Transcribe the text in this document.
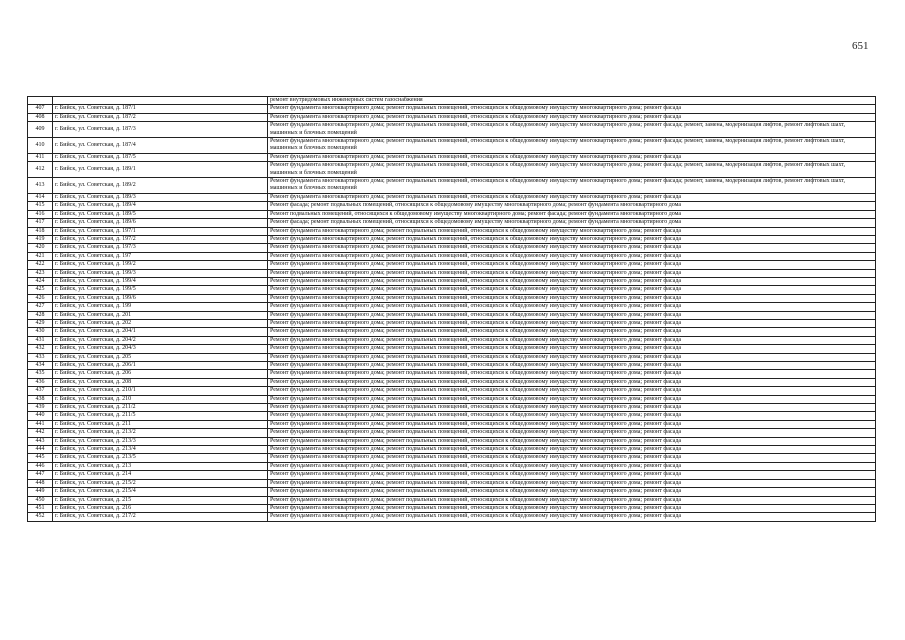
651
		ремонт внутридомовых инженерных систем газоснабжения
407	г. Бийск, ул. Советская, д. 187/1	Ремонт фундамента многоквартирного дома; ремонт подвальных помещений, относящихся к общедомовому имуществу многоквартирного дома; ремонт фасада
408	г. Бийск, ул. Советская, д. 187/2	Ремонт фундамента многоквартирного дома; ремонт подвальных помещений, относящихся к общедомовому имуществу многоквартирного дома; ремонт фасада
409	г. Бийск, ул. Советская, д. 187/3	Ремонт фундамента многоквартирного дома; ремонт подвальных помещений, относящихся к общедомовому имуществу многоквартирного дома; ремонт фасада; ремонт, замена, модернизация лифтов, ремонт лифтовых шахт, машинных и блочных помещений
410	г. Бийск, ул. Советская, д. 187/4	Ремонт фундамента многоквартирного дома; ремонт подвальных помещений, относящихся к общедомовому имуществу многоквартирного дома; ремонт фасада; ремонт, замена, модернизация лифтов, ремонт лифтовых шахт, машинных и блочных помещений
411	г. Бийск, ул. Советская, д. 187/5	Ремонт фундамента многоквартирного дома; ремонт подвальных помещений, относящихся к общедомовому имуществу многоквартирного дома; ремонт фасада
412	г. Бийск, ул. Советская, д. 189/1	Ремонт фундамента многоквартирного дома; ремонт подвальных помещений, относящихся к общедомовому имуществу многоквартирного дома; ремонт фасада; ремонт, замена, модернизация лифтов, ремонт лифтовых шахт, машинных и блочных помещений
413	г. Бийск, ул. Советская, д. 189/2	Ремонт фундамента многоквартирного дома; ремонт подвальных помещений, относящихся к общедомовому имуществу многоквартирного дома; ремонт фасада; ремонт, замена, модернизация лифтов, ремонт лифтовых шахт, машинных и блочных помещений
414	г. Бийск, ул. Советская, д. 189/3	Ремонт фундамента многоквартирного дома; ремонт подвальных помещений, относящихся к общедомовому имуществу многоквартирного дома; ремонт фасада
415	г. Бийск, ул. Советская, д. 189/4	Ремонт фасада; ремонт подвальных помещений, относящихся к общедомовому имуществу многоквартирного дома; ремонт фундамента многоквартирного дома
416	г. Бийск, ул. Советская, д. 189/5	Ремонт подвальных помещений, относящихся к общедомовому имуществу многоквартирного дома; ремонт фасада; ремонт фундамента многоквартирного дома
417	г. Бийск, ул. Советская, д. 189/6	Ремонт фасада; ремонт подвальных помещений, относящихся к общедомовому имуществу многоквартирного дома; ремонт фундамента многоквартирного дома
418	г. Бийск, ул. Советская, д. 197/1	Ремонт фундамента многоквартирного дома; ремонт подвальных помещений, относящихся к общедомовому имуществу многоквартирного дома; ремонт фасада
419	г. Бийск, ул. Советская, д. 197/2	Ремонт фундамента многоквартирного дома; ремонт подвальных помещений, относящихся к общедомовому имуществу многоквартирного дома; ремонт фасада
420	г. Бийск, ул. Советская, д. 197/3	Ремонт фундамента многоквартирного дома; ремонт подвальных помещений, относящихся к общедомовому имуществу многоквартирного дома; ремонт фасада
421	г. Бийск, ул. Советская, д. 197	Ремонт фундамента многоквартирного дома; ремонт подвальных помещений, относящихся к общедомовому имуществу многоквартирного дома; ремонт фасада
422	г. Бийск, ул. Советская, д. 199/2	Ремонт фундамента многоквартирного дома; ремонт подвальных помещений, относящихся к общедомовому имуществу многоквартирного дома; ремонт фасада
423	г. Бийск, ул. Советская, д. 199/3	Ремонт фундамента многоквартирного дома; ремонт подвальных помещений, относящихся к общедомовому имуществу многоквартирного дома; ремонт фасада
424	г. Бийск, ул. Советская, д. 199/4	Ремонт фундамента многоквартирного дома; ремонт подвальных помещений, относящихся к общедомовому имуществу многоквартирного дома; ремонт фасада
425	г. Бийск, ул. Советская, д. 199/5	Ремонт фундамента многоквартирного дома; ремонт подвальных помещений, относящихся к общедомовому имуществу многоквартирного дома; ремонт фасада
426	г. Бийск, ул. Советская, д. 199/6	Ремонт фундамента многоквартирного дома; ремонт подвальных помещений, относящихся к общедомовому имуществу многоквартирного дома; ремонт фасада
427	г. Бийск, ул. Советская, д. 199	Ремонт фундамента многоквартирного дома; ремонт подвальных помещений, относящихся к общедомовому имуществу многоквартирного дома; ремонт фасада
428	г. Бийск, ул. Советская, д. 201	Ремонт фундамента многоквартирного дома; ремонт подвальных помещений, относящихся к общедомовому имуществу многоквартирного дома; ремонт фасада
429	г. Бийск, ул. Советская, д. 202	Ремонт фундамента многоквартирного дома; ремонт подвальных помещений, относящихся к общедомовому имуществу многоквартирного дома; ремонт фасада
430	г. Бийск, ул. Советская, д. 204/1	Ремонт фундамента многоквартирного дома; ремонт подвальных помещений, относящихся к общедомовому имуществу многоквартирного дома; ремонт фасада
431	г. Бийск, ул. Советская, д. 204/2	Ремонт фундамента многоквартирного дома; ремонт подвальных помещений, относящихся к общедомовому имуществу многоквартирного дома; ремонт фасада
432	г. Бийск, ул. Советская, д. 204/3	Ремонт фундамента многоквартирного дома; ремонт подвальных помещений, относящихся к общедомовому имуществу многоквартирного дома; ремонт фасада
433	г. Бийск, ул. Советская, д. 205	Ремонт фундамента многоквартирного дома; ремонт подвальных помещений, относящихся к общедомовому имуществу многоквартирного дома; ремонт фасада
434	г. Бийск, ул. Советская, д. 206/1	Ремонт фундамента многоквартирного дома; ремонт подвальных помещений, относящихся к общедомовому имуществу многоквартирного дома; ремонт фасада
435	г. Бийск, ул. Советская, д. 206	Ремонт фундамента многоквартирного дома; ремонт подвальных помещений, относящихся к общедомовому имуществу многоквартирного дома; ремонт фасада
436	г. Бийск, ул. Советская, д. 208	Ремонт фундамента многоквартирного дома; ремонт подвальных помещений, относящихся к общедомовому имуществу многоквартирного дома; ремонт фасада
437	г. Бийск, ул. Советская, д. 210/1	Ремонт фундамента многоквартирного дома; ремонт подвальных помещений, относящихся к общедомовому имуществу многоквартирного дома; ремонт фасада
438	г. Бийск, ул. Советская, д. 210	Ремонт фундамента многоквартирного дома; ремонт подвальных помещений, относящихся к общедомовому имуществу многоквартирного дома; ремонт фасада
439	г. Бийск, ул. Советская, д. 211/2	Ремонт фундамента многоквартирного дома; ремонт подвальных помещений, относящихся к общедомовому имуществу многоквартирного дома; ремонт фасада
440	г. Бийск, ул. Советская, д. 211/5	Ремонт фундамента многоквартирного дома; ремонт подвальных помещений, относящихся к общедомовому имуществу многоквартирного дома; ремонт фасада
441	г. Бийск, ул. Советская, д. 211	Ремонт фундамента многоквартирного дома; ремонт подвальных помещений, относящихся к общедомовому имуществу многоквартирного дома; ремонт фасада
442	г. Бийск, ул. Советская, д. 213/2	Ремонт фундамента многоквартирного дома; ремонт подвальных помещений, относящихся к общедомовому имуществу многоквартирного дома; ремонт фасада
443	г. Бийск, ул. Советская, д. 213/3	Ремонт фундамента многоквартирного дома; ремонт подвальных помещений, относящихся к общедомовому имуществу многоквартирного дома; ремонт фасада
444	г. Бийск, ул. Советская, д. 213/4	Ремонт фундамента многоквартирного дома; ремонт подвальных помещений, относящихся к общедомовому имуществу многоквартирного дома; ремонт фасада
445	г. Бийск, ул. Советская, д. 213/5	Ремонт фундамента многоквартирного дома; ремонт подвальных помещений, относящихся к общедомовому имуществу многоквартирного дома; ремонт фасада
446	г. Бийск, ул. Советская, д. 213	Ремонт фундамента многоквартирного дома; ремонт подвальных помещений, относящихся к общедомовому имуществу многоквартирного дома; ремонт фасада
447	г. Бийск, ул. Советская, д. 214	Ремонт фундамента многоквартирного дома; ремонт подвальных помещений, относящихся к общедомовому имуществу многоквартирного дома; ремонт фасада
448	г. Бийск, ул. Советская, д. 215/2	Ремонт фундамента многоквартирного дома; ремонт подвальных помещений, относящихся к общедомовому имуществу многоквартирного дома; ремонт фасада
449	г. Бийск, ул. Советская, д. 215/4	Ремонт фундамента многоквартирного дома; ремонт подвальных помещений, относящихся к общедомовому имуществу многоквартирного дома; ремонт фасада
450	г. Бийск, ул. Советская, д. 215	Ремонт фундамента многоквартирного дома; ремонт подвальных помещений, относящихся к общедомовому имуществу многоквартирного дома; ремонт фасада
451	г. Бийск, ул. Советская, д. 216	Ремонт фундамента многоквартирного дома; ремонт подвальных помещений, относящихся к общедомовому имуществу многоквартирного дома; ремонт фасада
452	г. Бийск, ул. Советская, д. 217/2	Ремонт фундамента многоквартирного дома; ремонт подвальных помещений, относящихся к общедомовому имуществу многоквартирного дома; ремонт фасада
